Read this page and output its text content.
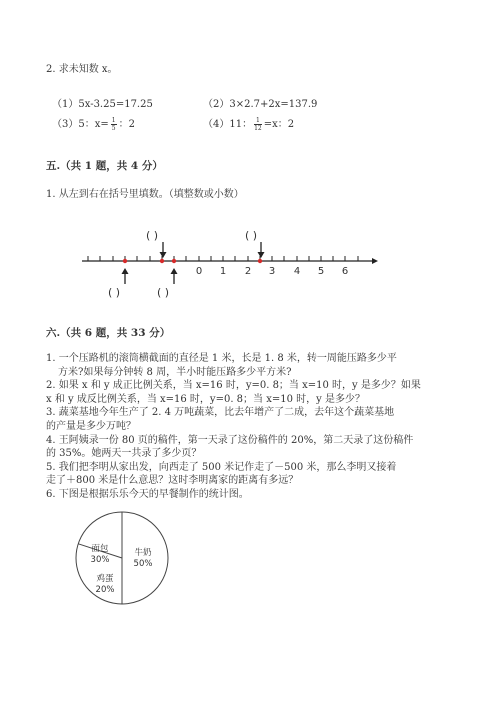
2. 求未知数 x。
（1）5x-3.25=17.25	（2）3×2.7+2x=137.9
（3）5：$x= \frac{1}{5}$ ：2	（4）11： $\frac{1}{12} =x$：2
五.（共 1 题，共 4 分）
1. 从左到右在括号里填数。（填整数或小数）
( )	( )
0 1 2 3 4 5 6
( )	( )
六.（共 6 题，共 33 分）
1. 一个压路机的滚筒横截面的直径是 1 米，长是 1. 8 米，转一周能压路多少平
方米?如果每分钟转 8 周，半小时能压路多少平方米?
2. 如果 x 和 y 成正比例关系，当 x=16 时，y=0. 8；当 x=10 时，y 是多少？如果
x 和 y 成反比例关系，当 x=16 时，y=0. 8；当 x=10 时，y 是多少？
3. 蔬菜基地今年生产了 2. 4 万吨蔬菜，比去年增产了二成，去年这个蔬菜基地
的产量是多少万吨？
4. 王阿姨录一份 80 页的稿件，第一天录了这份稿件的 20%，第二天录了这份稿件
的 35%。她两天一共录了多少页？
5. 我们把李明从家出发，向西走了 500 米记作走了－500 米，那么李明又接着
走了＋800 米是什么意思？这时李明离家的距离有多远？
6. 下图是根据乐乐今天的早餐制作的统计图。
牛奶
50%
面包
30%
鸡蛋
20%
